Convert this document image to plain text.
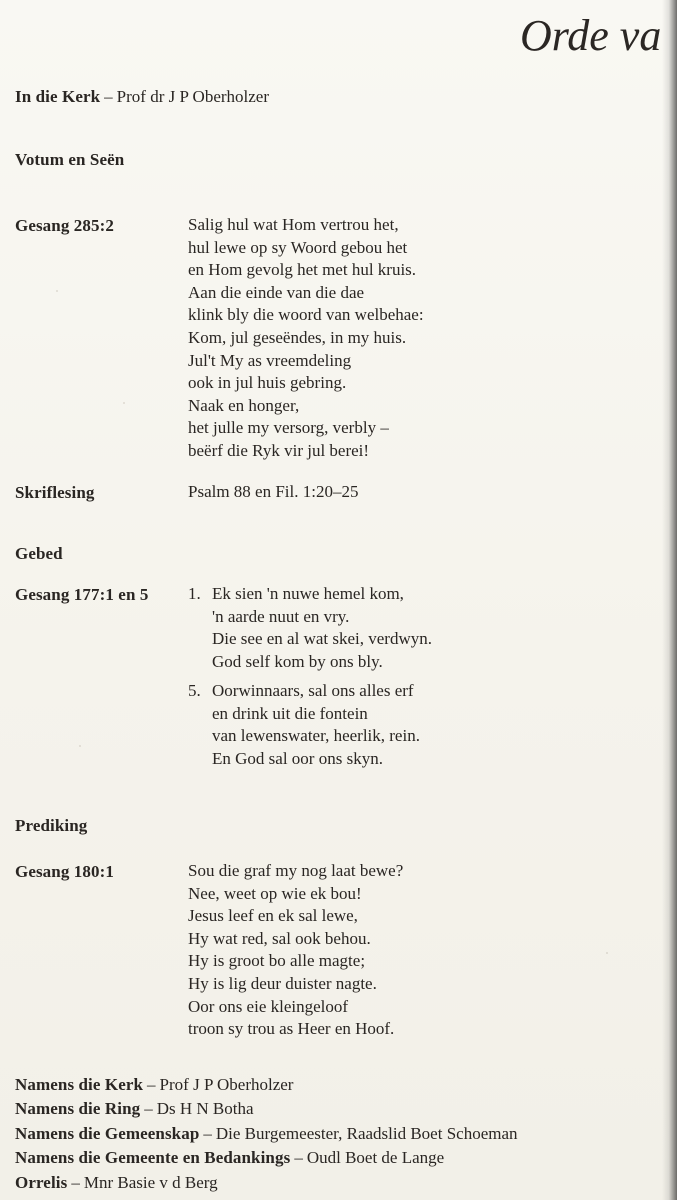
Orde va
In die Kerk – Prof dr J P Oberholzer
Votum en Seën
Gesang 285:2	Salig hul wat Hom vertrou het,
hul lewe op sy Woord gebou het
en Hom gevolg het met hul kruis.
Aan die einde van die dae
klink bly die woord van welbehae:
Kom, jul geseëndes, in my huis.
Jul't My as vreemdeling
ook in jul huis gebring.
Naak en honger,
het julle my versorg, verbly –
beërf die Ryk vir jul berei!
Skriflesing	Psalm 88 en Fil. 1:20–25
Gebed
Gesang 177:1 en 5	1. Ek sien 'n nuwe hemel kom,
'n aarde nuut en vry.
Die see en al wat skei, verdwyn.
God self kom by ons bly.
5. Oorwinnaars, sal ons alles erf
en drink uit die fontein
van lewenswater, heerlik, rein.
En God sal oor ons skyn.
Prediking
Gesang 180:1	Sou die graf my nog laat bewe?
Nee, weet op wie ek bou!
Jesus leef en ek sal lewe,
Hy wat red, sal ook behou.
Hy is groot bo alle magte;
Hy is lig deur duister nagte.
Oor ons eie kleingeloof
troon sy trou as Heer en Hoof.
Namens die Kerk – Prof J P Oberholzer
Namens die Ring – Ds H N Botha
Namens die Gemeenskap – Die Burgemeester, Raadslid Boet Schoeman
Namens die Gemeente en Bedankings – Oudl Boet de Lange
Orrelis – Mnr Basie v d Berg
